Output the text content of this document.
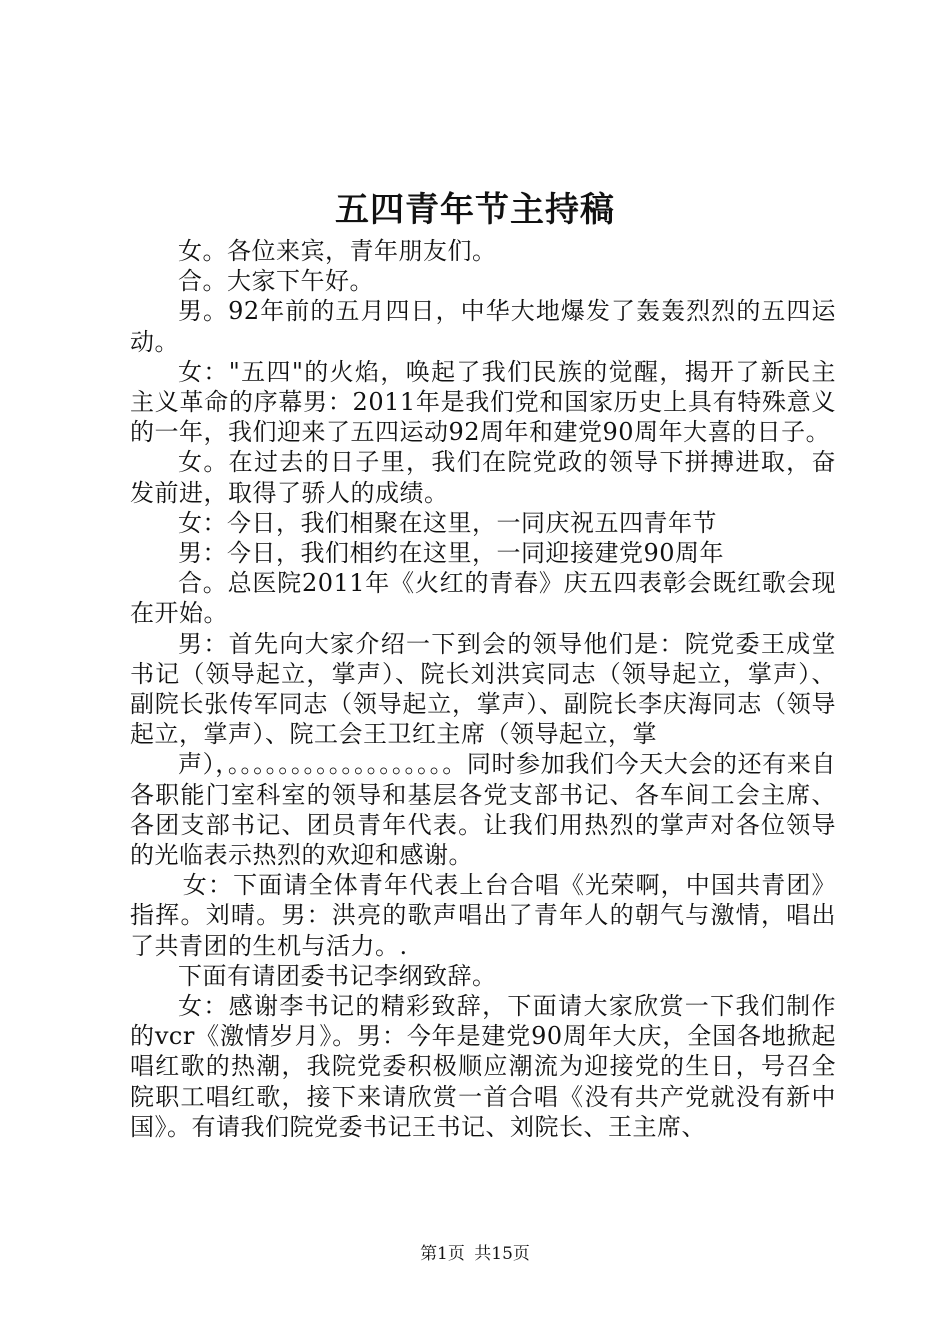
五四青年节主持稿

女。各位来宾，青年朋友们。

合。大家下午好。

男。92年前的五月四日，中华大地爆发了轰轰烈烈的五四运动。

女："五四"的火焰，唤起了我们民族的觉醒，揭开了新民主主义革命的序幕男：2011年是我们党和国家历史上具有特殊意义的一年，我们迎来了五四运动92周年和建党90周年大喜的日子。

女。在过去的日子里，我们在院党政的领导下拼搏进取，奋发前进，取得了骄人的成绩。

女：今日，我们相聚在这里，一同庆祝五四青年节

男：今日，我们相约在这里，一同迎接建党90周年

合。总医院2011年《火红的青春》庆五四表彰会既红歌会现在开始。

男：首先向大家介绍一下到会的领导他们是：院党委王成堂书记（领导起立，掌声）、院长刘洪宾同志（领导起立，掌声）、副院长张传军同志（领导起立，掌声）、副院长李庆海同志（领导起立，掌声）、院工会王卫红主席（领导起立，掌

声），。。。。。。。。。。。。。。。。。。同时参加我们今天大会的还有来自各职能门室科室的领导和基层各党支部书记、各车间工会主席、各团支部书记、团员青年代表。让我们用热烈的掌声对各位领导的光临表示热烈的欢迎和感谢。

女：下面请全体青年代表上台合唱《光荣啊，中国共青团》指挥。刘晴。男：洪亮的歌声唱出了青年人的朝气与激情，唱出了共青团的生机与活力。.

下面有请团委书记李纲致辞。

女：感谢李书记的精彩致辞，下面请大家欣赏一下我们制作的vcr《激情岁月》。男：今年是建党90周年大庆，全国各地掀起唱红歌的热潮，我院党委积极顺应潮流为迎接党的生日，号召全院职工唱红歌，接下来请欣赏一首合唱《没有共产党就没有新中国》。有请我们院党委书记王书记、刘院长、王主席、

第1页 共15页
